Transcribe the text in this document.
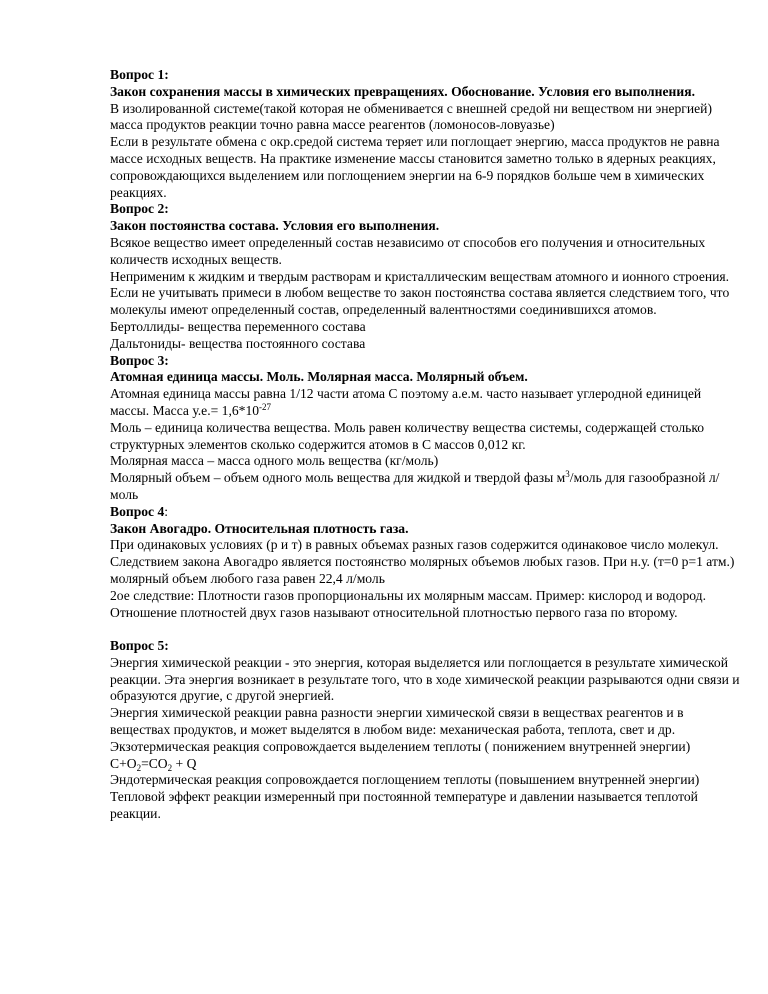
Вопрос 1:

Закон сохранения массы в химических превращениях. Обоснование. Условия его выполнения.

В изолированной системе(такой которая не обменивается с внешней средой ни веществом ни энергией) масса продуктов реакции точно равна массе реагентов (ломоносов-ловуазье)

Если в результате обмена с окр.средой система теряет или поглощает энергию, масса продуктов не равна массе исходных веществ. На практике изменение массы становится заметно только в ядерных реакциях, сопровождающихся выделением или поглощением энергии на 6-9 порядков больше чем в химических реакциях.

Вопрос 2:

Закон постоянства состава. Условия его выполнения.

Всякое вещество имеет определенный состав независимо от способов его получения и относительных количеств исходных веществ.

Неприменим к жидким и твердым растворам и кристаллическим веществам атомного и ионного строения.

Если не учитывать примеси в любом веществе то закон постоянства состава является следствием того, что молекулы имеют определенный состав, определенный валентностями соединившихся атомов.

Бертоллиды- вещества переменного состава

Дальтониды- вещества постоянного состава

Вопрос 3:

Атомная единица массы. Моль. Молярная масса. Молярный объем.

Атомная единица массы равна 1/12 части атома С поэтому а.е.м. часто называет углеродной единицей массы. Масса $у.е.= 1,6*10^{-27}$

Моль – единица количества вещества. Моль равен количеству вещества системы, содержащей столько структурных элементов сколько содержится атомов в С массов 0,012 кг.

Молярная масса – масса одного моль вещества (кг/моль)

Молярный объем – объем одного моль вещества для жидкой и твердой фазы $м^3$/моль для газообразной л/моль

Вопрос 4:

Закон Авогадро. Относительная плотность газа.

При одинаковых условиях (р и т) в равных объемах разных газов содержится одинаковое число молекул. Следствием закона Авогадро является постоянство молярных объемов любых газов. При н.у. (т=0 р=1 атм.) молярный объем любого газа равен 22,4 л/моль

2ое следствие: Плотности газов пропорциональны их молярным массам. Пример: кислород и водород.

Отношение плотностей двух газов называют относительной плотностью первого газа по второму.

Вопрос 5:

Энергия химической реакции - это энергия, которая выделяется или поглощается в результате химической реакции. Эта энергия возникает в результате того, что в ходе химической реакции разрываются одни связи и образуются другие, с другой энергией.

Энергия химической реакции равна разности энергии химической связи в веществах реагентов и в веществах продуктов, и может выделятся в любом виде: механическая работа, теплота, свет и др.

Экзотермическая реакция сопровождается выделением теплоты ( понижением внутренней энергии) $С+O_2=CO_2 + Q$

Эндотермическая реакция сопровождается поглощением теплоты (повышением внутренней энергии)

Тепловой эффект реакции измеренный при постоянной температуре и давлении называется теплотой реакции.
